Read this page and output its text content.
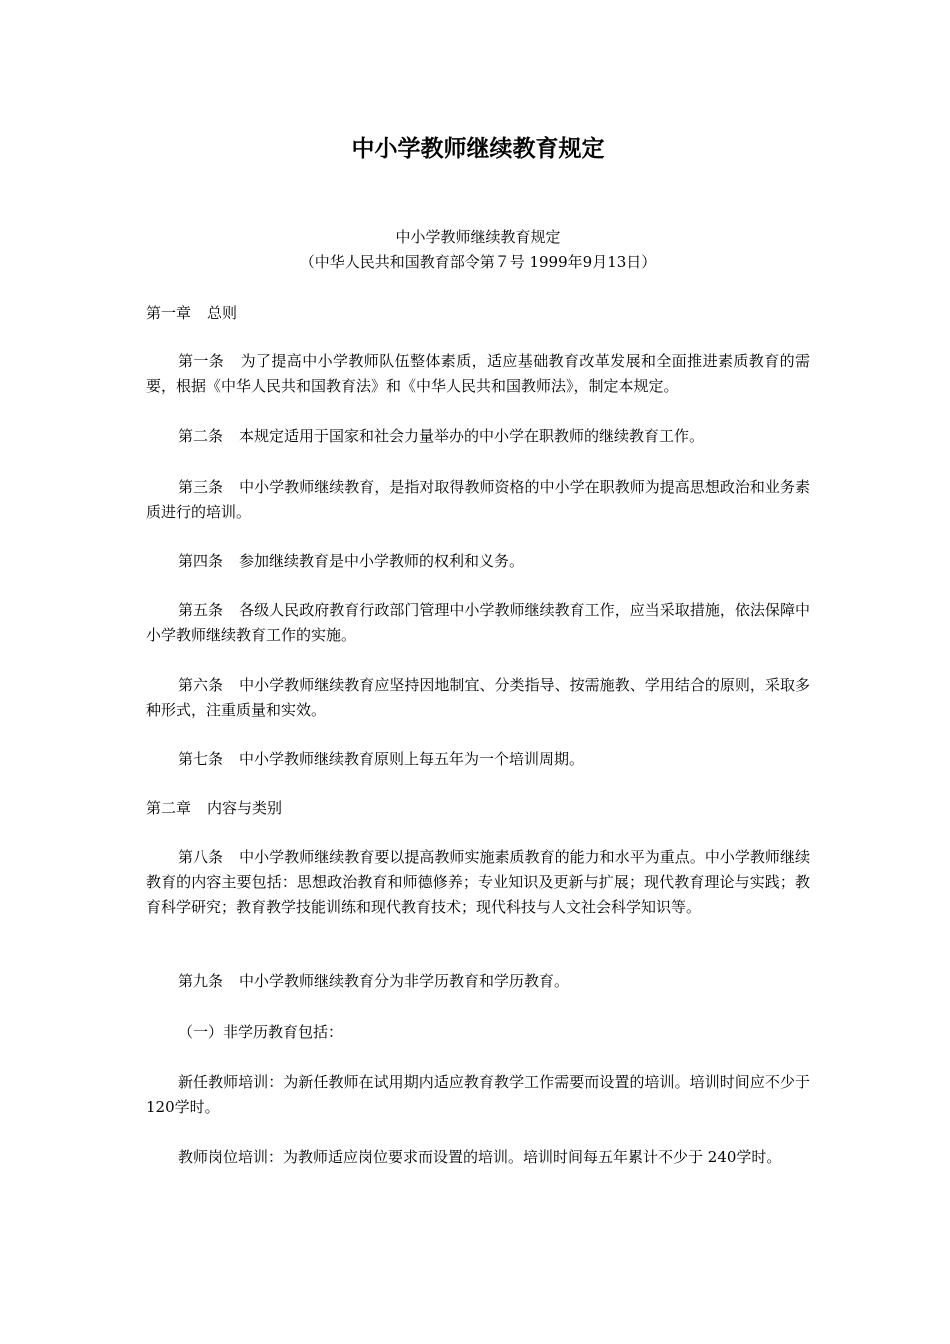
中小学教师继续教育规定

中小学教师继续教育规定

（中华人民共和国教育部令第７号 1999年9月13日）

第一章 总则

第一条 为了提高中小学教师队伍整体素质，适应基础教育改革发展和全面推进素质教育的需要，根据《中华人民共和国教育法》和《中华人民共和国教师法》，制定本规定。

第二条 本规定适用于国家和社会力量举办的中小学在职教师的继续教育工作。

第三条 中小学教师继续教育，是指对取得教师资格的中小学在职教师为提高思想政治和业务素质进行的培训。

第四条 参加继续教育是中小学教师的权利和义务。

第五条 各级人民政府教育行政部门管理中小学教师继续教育工作，应当采取措施，依法保障中小学教师继续教育工作的实施。

第六条 中小学教师继续教育应坚持因地制宜、分类指导、按需施教、学用结合的原则，采取多种形式，注重质量和实效。

第七条 中小学教师继续教育原则上每五年为一个培训周期。

第二章 内容与类别

第八条 中小学教师继续教育要以提高教师实施素质教育的能力和水平为重点。中小学教师继续教育的内容主要包括：思想政治教育和师德修养；专业知识及更新与扩展；现代教育理论与实践；教育科学研究；教育教学技能训练和现代教育技术；现代科技与人文社会科学知识等。

第九条 中小学教师继续教育分为非学历教育和学历教育。

（一）非学历教育包括：

新任教师培训：为新任教师在试用期内适应教育教学工作需要而设置的培训。培训时间应不少于120学时。

教师岗位培训：为教师适应岗位要求而设置的培训。培训时间每五年累计不少于 240学时。
